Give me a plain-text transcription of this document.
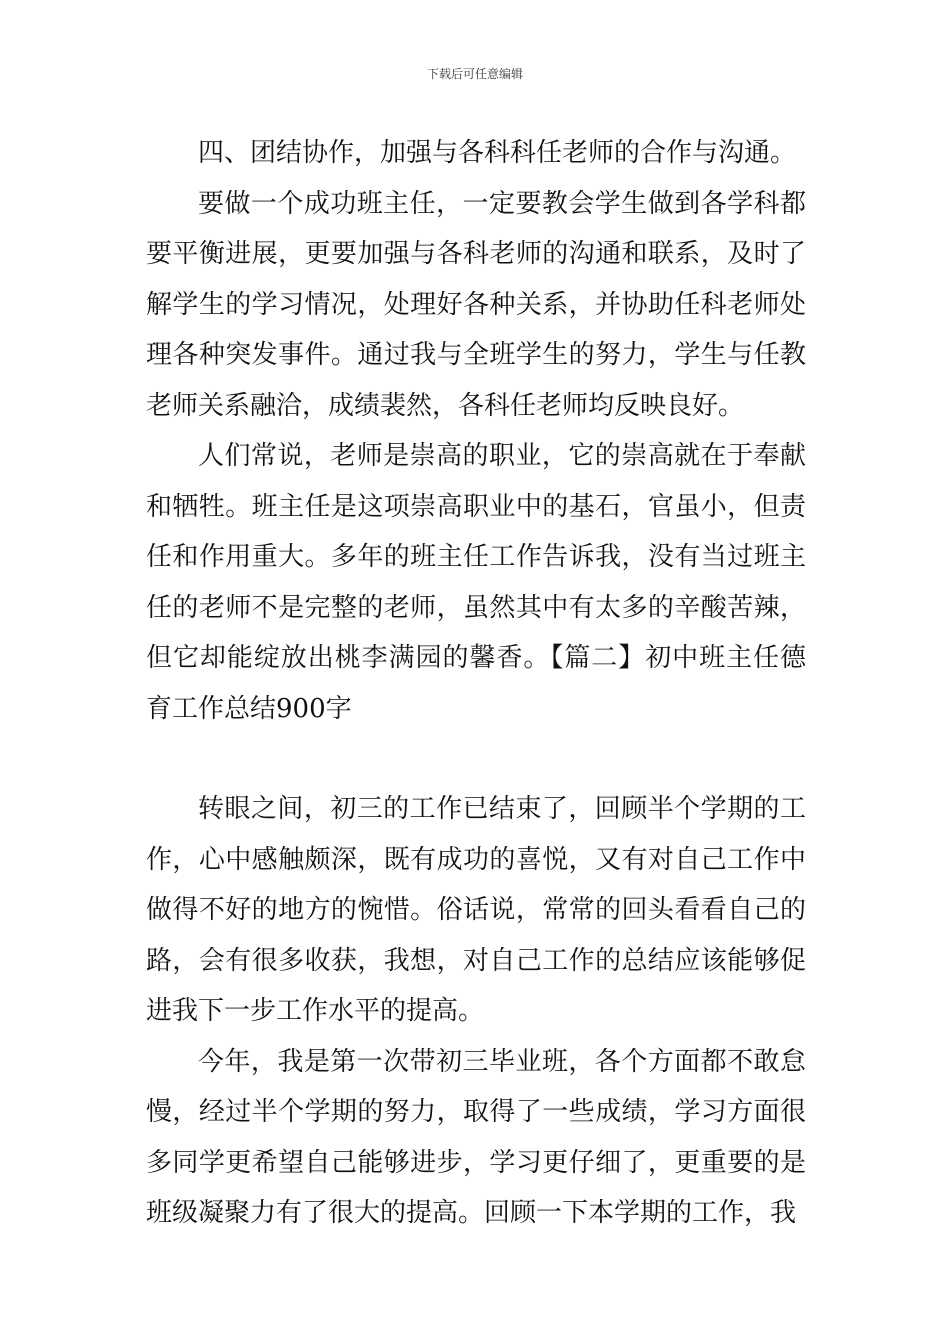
下载后可任意编辑

四、团结协作，加强与各科科任老师的合作与沟通。

要做一个成功班主任，一定要教会学生做到各学科都要平衡进展，更要加强与各科老师的沟通和联系，及时了解学生的学习情况，处理好各种关系，并协助任科老师处理各种突发事件。通过我与全班学生的努力，学生与任教老师关系融洽，成绩裴然，各科任老师均反映良好。

人们常说，老师是崇高的职业，它的崇高就在于奉献和牺牲。班主任是这项崇高职业中的基石，官虽小，但责任和作用重大。多年的班主任工作告诉我，没有当过班主任的老师不是完整的老师，虽然其中有太多的辛酸苦辣，但它却能绽放出桃李满园的馨香。【篇二】初中班主任德育工作总结900字

转眼之间，初三的工作已结束了，回顾半个学期的工作，心中感触颇深，既有成功的喜悦，又有对自己工作中做得不好的地方的惋惜。俗话说，常常的回头看看自己的路，会有很多收获，我想，对自己工作的总结应该能够促进我下一步工作水平的提高。

今年，我是第一次带初三毕业班，各个方面都不敢怠慢，经过半个学期的努力，取得了一些成绩，学习方面很多同学更希望自己能够进步，学习更仔细了，更重要的是班级凝聚力有了很大的提高。回顾一下本学期的工作，我
